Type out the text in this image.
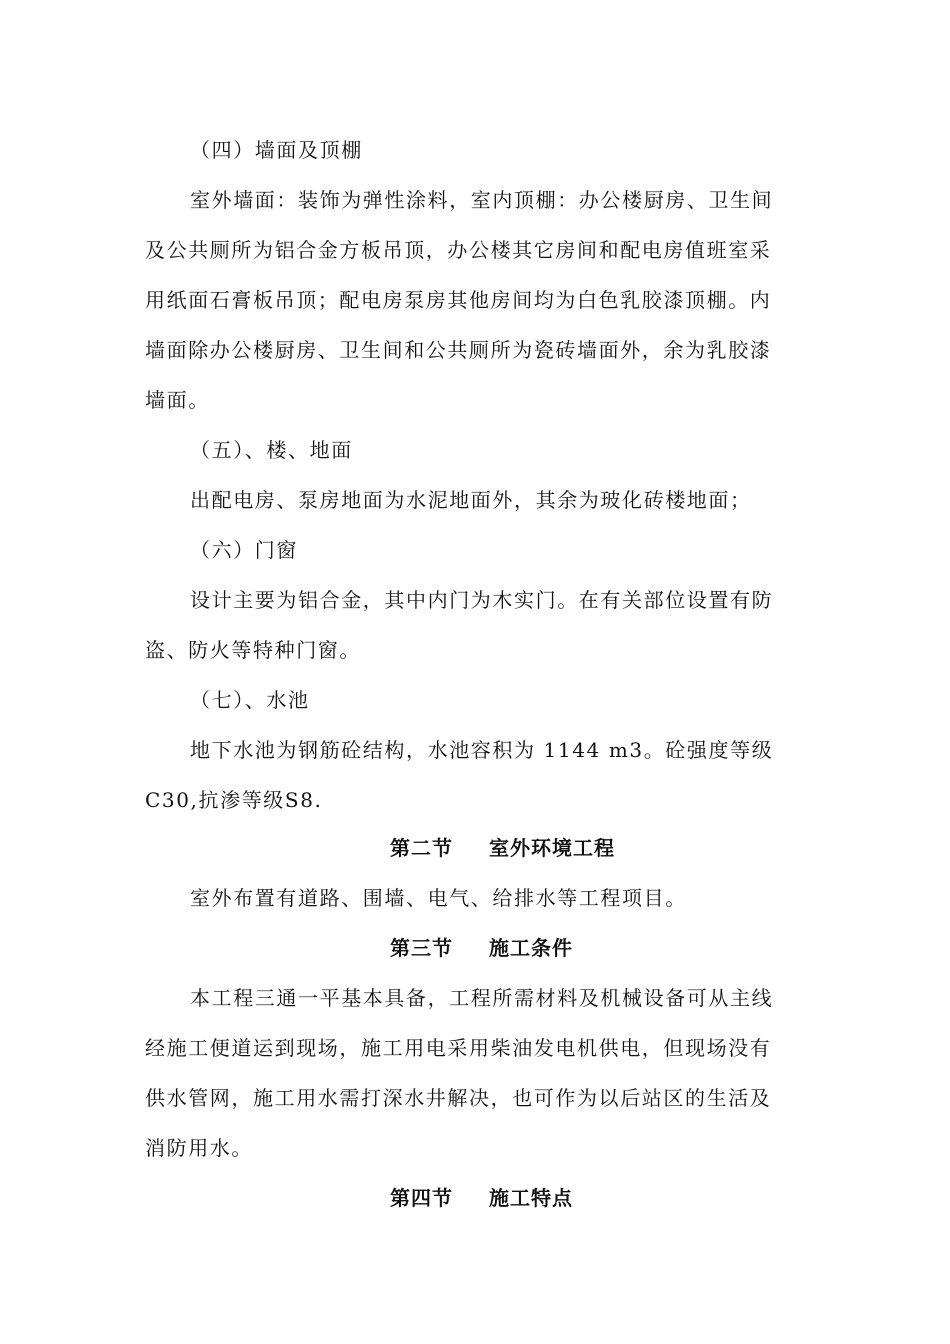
（四）墙面及顶棚
室外墙面：装饰为弹性涂料，室内顶棚：办公楼厨房、卫生间
及公共厕所为铝合金方板吊顶，办公楼其它房间和配电房值班室采
用纸面石膏板吊顶；配电房泵房其他房间均为白色乳胶漆顶棚。内
墙面除办公楼厨房、卫生间和公共厕所为瓷砖墙面外，余为乳胶漆
墙面。
（五）、楼、地面
出配电房、泵房地面为水泥地面外，其余为玻化砖楼地面；
（六）门窗
设计主要为铝合金，其中内门为木实门。在有关部位设置有防
盗、防火等特种门窗。
（七）、水池
地下水池为钢筋砼结构，水池容积为 1144 m3。砼强度等级
C30,抗渗等级S8.
第二节 室外环境工程
室外布置有道路、围墙、电气、给排水等工程项目。
第三节 施工条件
本工程三通一平基本具备，工程所需材料及机械设备可从主线
经施工便道运到现场，施工用电采用柴油发电机供电，但现场没有
供水管网，施工用水需打深水井解决，也可作为以后站区的生活及
消防用水。
第四节 施工特点
